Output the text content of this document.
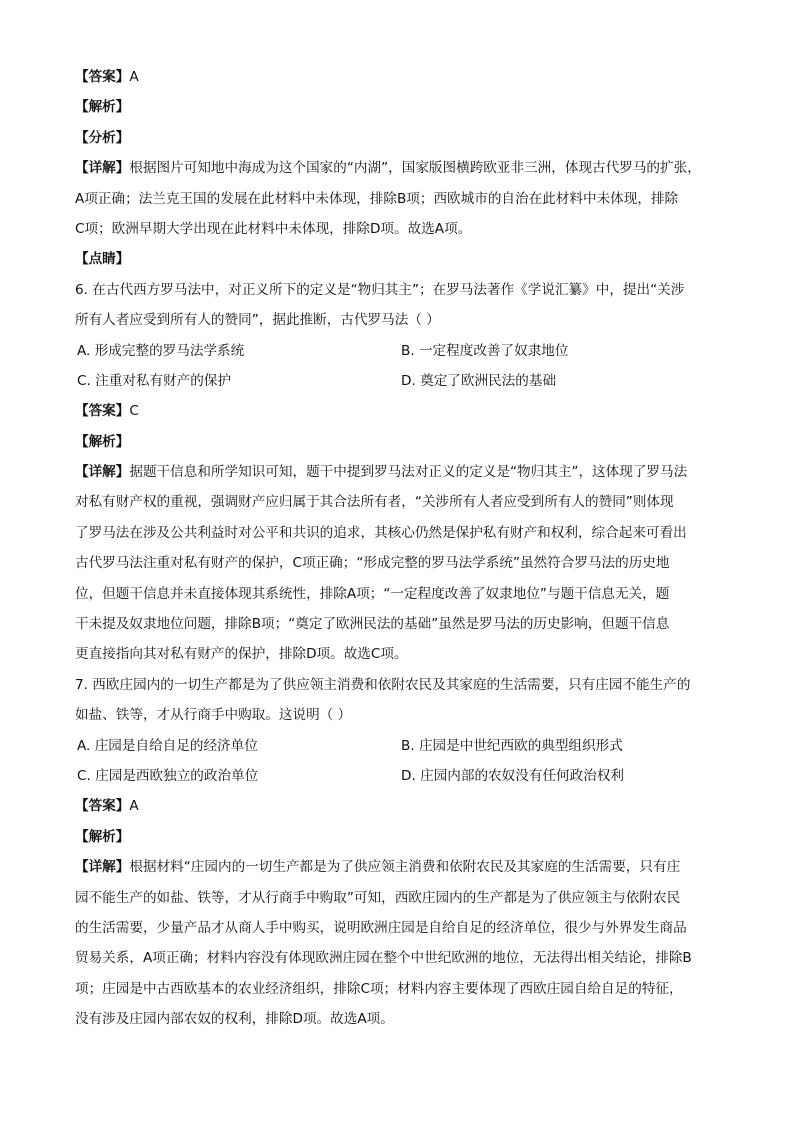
【答案】A
【解析】
【分析】
【详解】根据图片可知地中海成为这个国家的“内湖”，国家版图横跨欧亚非三洲，体现古代罗马的扩张，
A项正确；法兰克王国的发展在此材料中未体现，排除B项；西欧城市的自治在此材料中未体现，排除
C项；欧洲早期大学出现在此材料中未体现，排除D项。故选A项。
【点睛】
6. 在古代西方罗马法中，对正义所下的定义是“物归其主”；在罗马法著作《学说汇纂》中，提出“关涉
所有人者应受到所有人的赞同”，据此推断，古代罗马法（ ）
A. 形成完整的罗马法学系统	B. 一定程度改善了奴隶地位
C. 注重对私有财产的保护	D. 奠定了欧洲民法的基础
【答案】C
【解析】
【详解】据题干信息和所学知识可知，题干中提到罗马法对正义的定义是“物归其主”，这体现了罗马法
对私有财产权的重视，强调财产应归属于其合法所有者，“关涉所有人者应受到所有人的赞同”则体现
了罗马法在涉及公共利益时对公平和共识的追求，其核心仍然是保护私有财产和权利，综合起来可看出
古代罗马法注重对私有财产的保护，C项正确；“形成完整的罗马法学系统”虽然符合罗马法的历史地
位，但题干信息并未直接体现其系统性，排除A项；“一定程度改善了奴隶地位”与题干信息无关，题
干未提及奴隶地位问题，排除B项；“奠定了欧洲民法的基础”虽然是罗马法的历史影响，但题干信息
更直接指向其对私有财产的保护，排除D项。故选C项。
7. 西欧庄园内的一切生产都是为了供应领主消费和依附农民及其家庭的生活需要，只有庄园不能生产的
如盐、铁等，才从行商手中购取。这说明（ ）
A. 庄园是自给自足的经济单位	B. 庄园是中世纪西欧的典型组织形式
C. 庄园是西欧独立的政治单位	D. 庄园内部的农奴没有任何政治权利
【答案】A
【解析】
【详解】根据材料“庄园内的一切生产都是为了供应领主消费和依附农民及其家庭的生活需要，只有庄
园不能生产的如盐、铁等，才从行商手中购取”可知，西欧庄园内的生产都是为了供应领主与依附农民
的生活需要，少量产品才从商人手中购买，说明欧洲庄园是自给自足的经济单位，很少与外界发生商品
贸易关系，A项正确；材料内容没有体现欧洲庄园在整个中世纪欧洲的地位，无法得出相关结论，排除B
项；庄园是中古西欧基本的农业经济组织，排除C项；材料内容主要体现了西欧庄园自给自足的特征，
没有涉及庄园内部农奴的权利，排除D项。故选A项。
